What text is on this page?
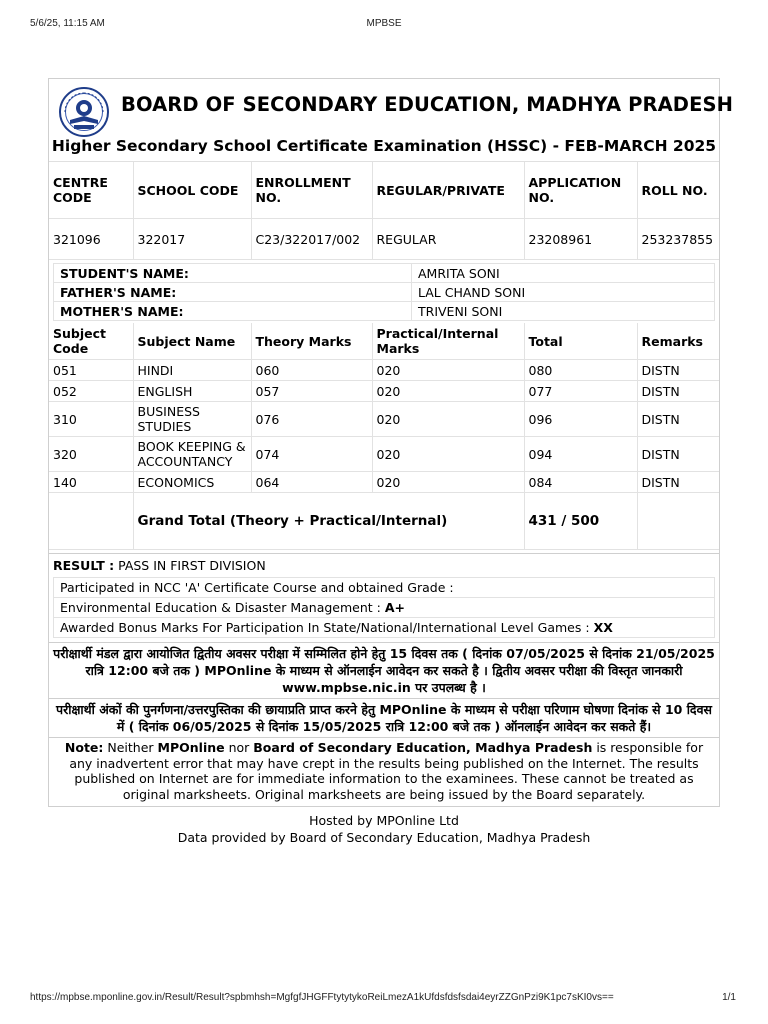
5/6/25, 11:15 AM	MPBSE
BOARD OF SECONDARY EDUCATION, MADHYA PRADESH
Higher Secondary School Certificate Examination (HSSC) - FEB-MARCH 2025
CENTRE CODE	SCHOOL CODE	ENROLLMENT NO.	REGULAR/PRIVATE	APPLICATION NO.	ROLL NO.
321096	322017	C23/322017/002	REGULAR	23208961	253237855
STUDENT'S NAME:	AMRITA SONI
FATHER'S NAME:	LAL CHAND SONI
MOTHER'S NAME:	TRIVENI SONI
Subject Code	Subject Name	Theory Marks	Practical/Internal Marks	Total	Remarks
051	HINDI	060	020	080	DISTN
052	ENGLISH	057	020	077	DISTN
310	BUSINESS STUDIES	076	020	096	DISTN
320	BOOK KEEPING & ACCOUNTANCY	074	020	094	DISTN
140	ECONOMICS	064	020	084	DISTN
	Grand Total (Theory + Practical/Internal)			431 / 500	

RESULT : PASS IN FIRST DIVISION
Participated in NCC 'A' Certificate Course and obtained Grade :
Environmental Education & Disaster Management : A+
Awarded Bonus Marks For Participation In State/National/International Level Games : XX
परीक्षार्थी मंडल द्वारा आयोजित द्वितीय अवसर परीक्षा में सम्मिलित होने हेतु 15 दिवस तक ( दिनांक 07/05/2025 से दिनांक 21/05/2025 रात्रि 12:00 बजे तक ) MPOnline के माध्यम से ऑनलाईन आवेदन कर सकते है । द्वितीय अवसर परीक्षा की विस्तृत जानकारी www.mpbse.nic.in पर उपलब्ध है ।
परीक्षार्थी अंकों की पुनर्गणना/उत्तरपुस्तिका की छायाप्रति प्राप्त करने हेतु MPOnline के माध्यम से परीक्षा परिणाम घोषणा दिनांक से 10 दिवस में ( दिनांक 06/05/2025 से दिनांक 15/05/2025 रात्रि 12:00 बजे तक ) ऑनलाईन आवेदन कर सकते हैं।
Note: Neither MPOnline nor Board of Secondary Education, Madhya Pradesh is responsible for any inadvertent error that may have crept in the results being published on the Internet. The results published on Internet are for immediate information to the examinees. These cannot be treated as original marksheets. Original marksheets are being issued by the Board separately.
Hosted by MPOnline Ltd
Data provided by Board of Secondary Education, Madhya Pradesh
https://mpbse.mponline.gov.in/Result/Result?spbmhsh=MgfgfJHGFFtytytykoReiLmezA1kUfdsfdsfsdai4eyrZZGnPzi9K1pc7sKI0vs==	1/1
